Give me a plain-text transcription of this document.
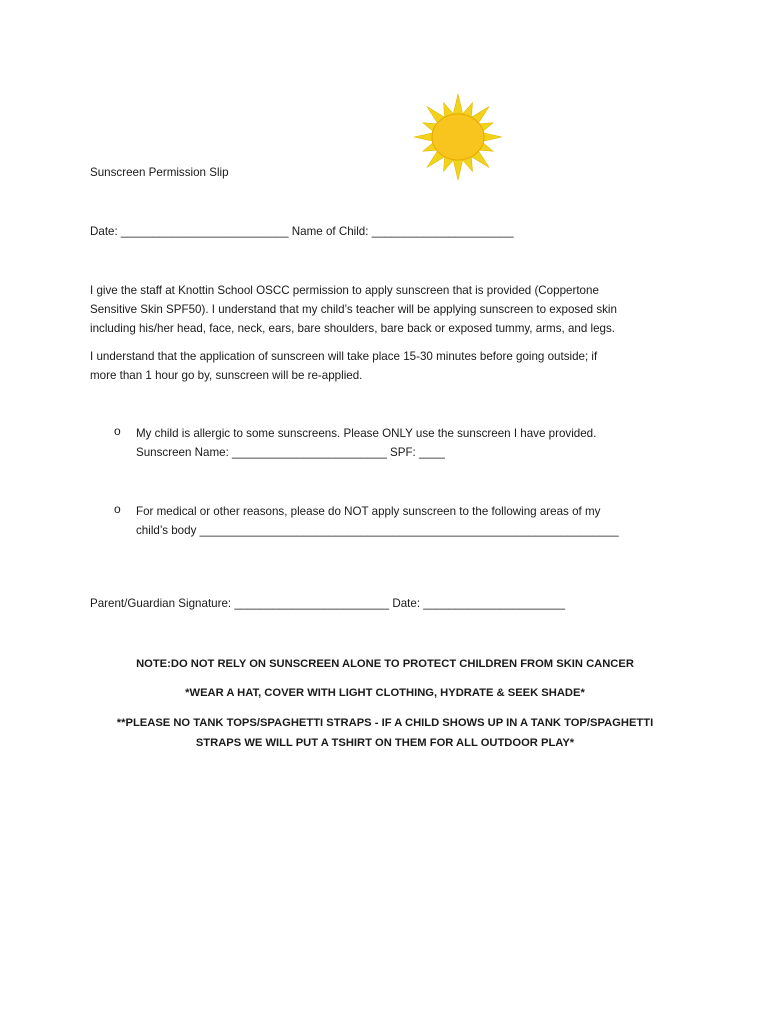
Sunscreen Permission Slip
Date: __________________________ Name of Child: ______________________

I give the staff at Knottin School OSCC permission to apply sunscreen that is provided (Coppertone

Sensitive Skin SPF50). I understand that my child’s teacher will be applying sunscreen to exposed skin

including his/her head, face, neck, ears, bare shoulders, bare back or exposed tummy, arms, and legs.

I understand that the application of sunscreen will take place 15-30 minutes before going outside; if

more than 1 hour go by, sunscreen will be re-applied.

o My child is allergic to some sunscreens. Please ONLY use the sunscreen I have provided.

Sunscreen Name: ________________________ SPF: ____

o For medical or other reasons, please do NOT apply sunscreen to the following areas of my

child’s body _________________________________________________________________

Parent/Guardian Signature: ________________________ Date: ______________________

NOTE:DO NOT RELY ON SUNSCREEN ALONE TO PROTECT CHILDREN FROM SKIN CANCER

*WEAR A HAT, COVER WITH LIGHT CLOTHING, HYDRATE & SEEK SHADE*

**PLEASE NO TANK TOPS/SPAGHETTI STRAPS - IF A CHILD SHOWS UP IN A TANK TOP/SPAGHETTI

STRAPS WE WILL PUT A TSHIRT ON THEM FOR ALL OUTDOOR PLAY*
